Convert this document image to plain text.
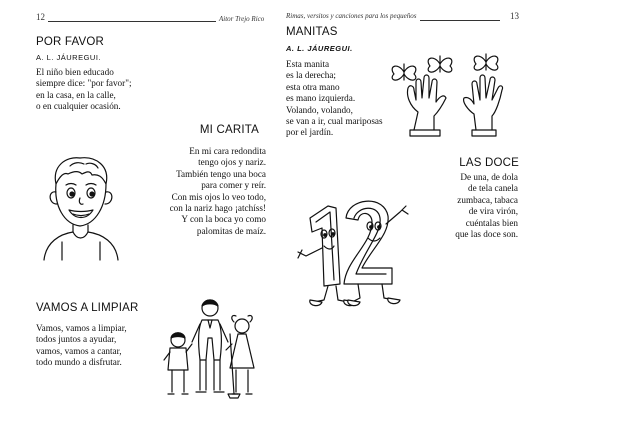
12	Aitor Trejo Rico	Rimas, versitos y canciones para los pequeños	13
POR FAVOR
A. L. JÁUREGUI.
El niño bien educado
siempre dice: "por favor";
en la casa, en la calle,
o en cualquier ocasión.
MI CARITA
En mi cara redondita
tengo ojos y nariz.
También tengo una boca
para comer y reír.
Con mis ojos lo veo todo,
con la nariz hago ¡atchíss!
Y con la boca yo como
palomitas de maíz.
VAMOS A LIMPIAR
Vamos, vamos a limpiar,
todos juntos a ayudar,
vamos, vamos a cantar,
todo mundo a disfrutar.
MANITAS
A. L. JÁUREGUI.
Esta manita
es la derecha;
esta otra mano
es mano izquierda.
Volando, volando,
se van a ir, cual mariposas
por el jardín.
LAS DOCE
De una, de dola
de tela canela
zumbaca, tabaca
de vira virón,
cuéntalas bien
que las doce son.
